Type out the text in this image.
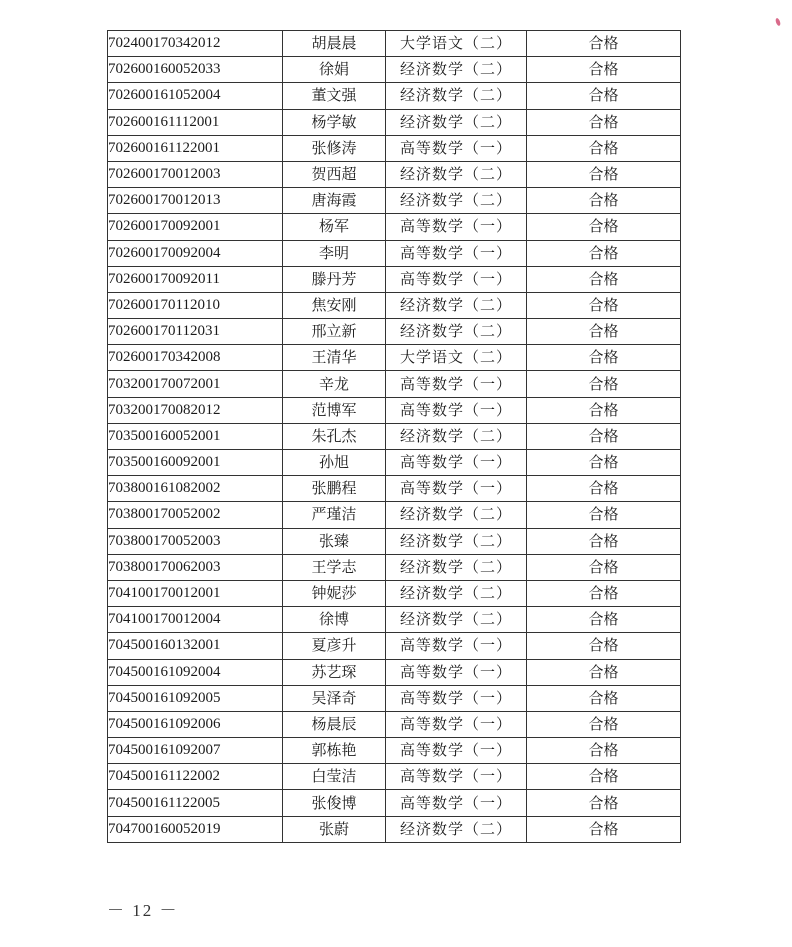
702400170342012	胡晨晨	大学语文（二）	合格
702600160052033	徐娟	经济数学（二）	合格
702600161052004	董文强	经济数学（二）	合格
702600161112001	杨学敏	经济数学（二）	合格
702600161122001	张修涛	高等数学（一）	合格
702600170012003	贺西超	经济数学（二）	合格
702600170012013	唐海霞	经济数学（二）	合格
702600170092001	杨军	高等数学（一）	合格
702600170092004	李明	高等数学（一）	合格
702600170092011	滕丹芳	高等数学（一）	合格
702600170112010	焦安刚	经济数学（二）	合格
702600170112031	邢立新	经济数学（二）	合格
702600170342008	王清华	大学语文（二）	合格
703200170072001	辛龙	高等数学（一）	合格
703200170082012	范博军	高等数学（一）	合格
703500160052001	朱孔杰	经济数学（二）	合格
703500160092001	孙旭	高等数学（一）	合格
703800161082002	张鹏程	高等数学（一）	合格
703800170052002	严瑾洁	经济数学（二）	合格
703800170052003	张臻	经济数学（二）	合格
703800170062003	王学志	经济数学（二）	合格
704100170012001	钟妮莎	经济数学（二）	合格
704100170012004	徐博	经济数学（二）	合格
704500160132001	夏彦升	高等数学（一）	合格
704500161092004	苏艺琛	高等数学（一）	合格
704500161092005	吴泽奇	高等数学（一）	合格
704500161092006	杨晨辰	高等数学（一）	合格
704500161092007	郭栋艳	高等数学（一）	合格
704500161122002	白莹洁	高等数学（一）	合格
704500161122005	张俊博	高等数学（一）	合格
704700160052019	张蔚	经济数学（二）	合格
－ 12 －
